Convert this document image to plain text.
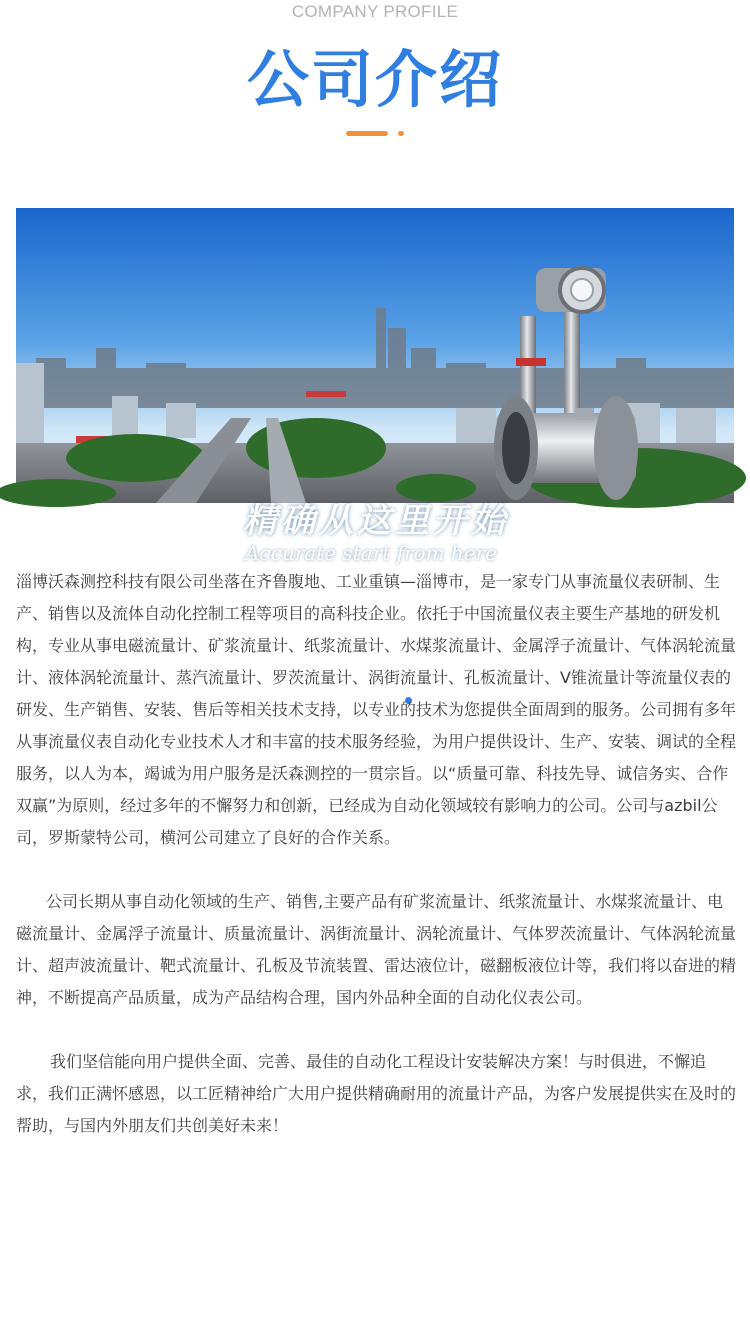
COMPANY PROFILE
公司介绍
精确从这里开始
Accurate start from here

淄博沃森测控科技有限公司坐落在齐鲁腹地、工业重镇—淄博市，是一家专门从事流量仪表研制、生产、销售以及流体自动化控制工程等项目的高科技企业。依托于中国流量仪表主要生产基地的研发机构，专业从事电磁流量计、矿浆流量计、纸浆流量计、水煤浆流量计、金属浮子流量计、气体涡轮流量计、液体涡轮流量计、蒸汽流量计、罗茨流量计、涡街流量计、孔板流量计、V锥流量计等流量仪表的研发、生产销售、安装、售后等相关技术支持，以专业的技术为您提供全面周到的服务。公司拥有多年从事流量仪表自动化专业技术人才和丰富的技术服务经验，为用户提供设计、生产、安装、调试的全程服务，以人为本，竭诚为用户服务是沃森测控的一贯宗旨。以“质量可靠、科技先导、诚信务实、合作双赢”为原则，经过多年的不懈努力和创新，已经成为自动化领域较有影响力的公司。公司与azbil公司，罗斯蒙特公司，横河公司建立了良好的合作关系。

公司长期从事自动化领域的生产、销售,主要产品有矿浆流量计、纸浆流量计、水煤浆流量计、电磁流量计、金属浮子流量计、质量流量计、涡街流量计、涡轮流量计、气体罗茨流量计、气体涡轮流量计、超声波流量计、靶式流量计、孔板及节流装置、雷达液位计，磁翻板液位计等，我们将以奋进的精神，不断提高产品质量，成为产品结构合理，国内外品种全面的自动化仪表公司。

我们坚信能向用户提供全面、完善、最佳的自动化工程设计安装解决方案！与时俱进，不懈追求，我们正满怀感恩，以工匠精神给广大用户提供精确耐用的流量计产品，为客户发展提供实在及时的帮助，与国内外朋友们共创美好未来！
